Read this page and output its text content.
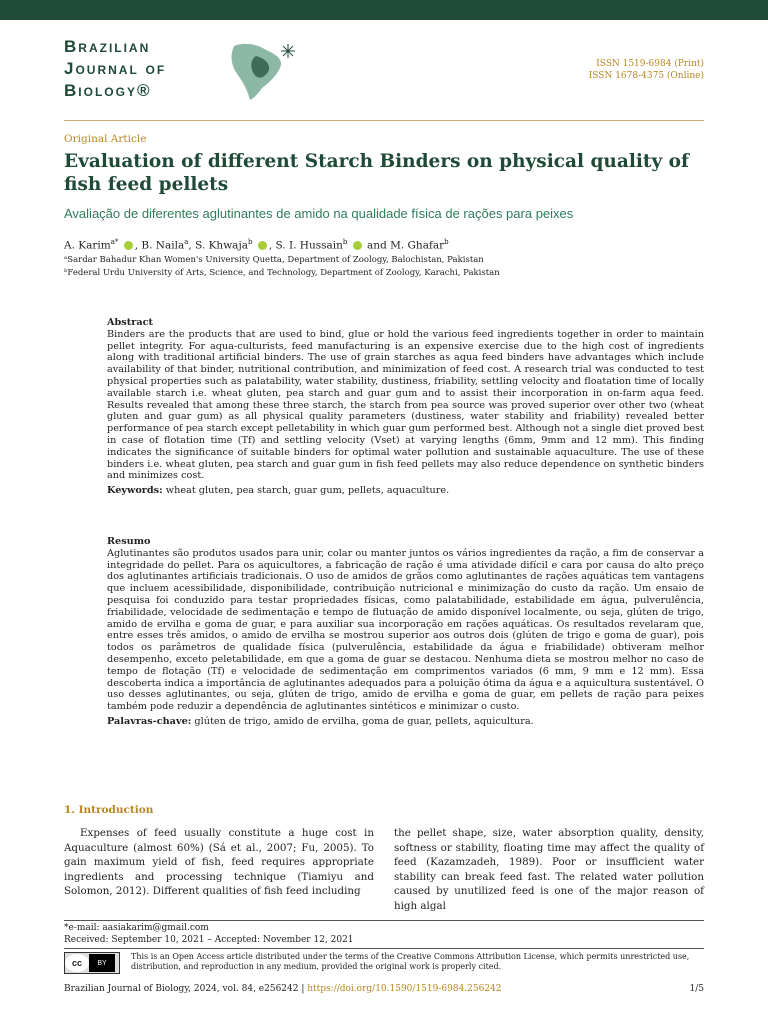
Brazilian
Journal of
Biology®
ISSN 1519-6984 (Print)
ISSN 1678-4375 (Online)
Original Article
Evaluation of different Starch Binders on physical quality of fish feed pellets
Avaliação de diferentes aglutinantes de amido na qualidade física de rações para peixes
A. Karim$^{a*}$ , B. Naila$^a$, S. Khwaja$^b$ , S. I. Hussain$^b$  and M. Ghafar$^b$
ᵃSardar Bahadur Khan Women's University Quetta, Department of Zoology, Balochistan, Pakistan
ᵇFederal Urdu University of Arts, Science, and Technology, Department of Zoology, Karachi, Pakistan
Abstract
Binders are the products that are used to bind, glue or hold the various feed ingredients together in order to maintain pellet integrity. For aqua-culturists, feed manufacturing is an expensive exercise due to the high cost of ingredients along with traditional artificial binders. The use of grain starches as aqua feed binders have advantages which include availability of that binder, nutritional contribution, and minimization of feed cost. A research trial was conducted to test physical properties such as palatability, water stability, dustiness, friability, settling velocity and floatation time of locally available starch i.e. wheat gluten, pea starch and guar gum and to assist their incorporation in on-farm aqua feed. Results revealed that among these three starch, the starch from pea source was proved superior over other two (wheat gluten and guar gum) as all physical quality parameters (dustiness, water stability and friability) revealed better performance of pea starch except pelletability in which guar gum performed best. Although not a single diet proved best in case of flotation time (Tf) and settling velocity (Vset) at varying lengths (6mm, 9mm and 12 mm). This finding indicates the significance of suitable binders for optimal water pollution and sustainable aquaculture. The use of these binders i.e. wheat gluten, pea starch and guar gum in fish feed pellets may also reduce dependence on synthetic binders and minimizes cost.
Keywords: wheat gluten, pea starch, guar gum, pellets, aquaculture.
Resumo
Aglutinantes são produtos usados para unir, colar ou manter juntos os vários ingredientes da ração, a fim de conservar a integridade do pellet. Para os aquicultores, a fabricação de ração é uma atividade difícil e cara por causa do alto preço dos aglutinantes artificiais tradicionais. O uso de amidos de grãos como aglutinantes de rações aquáticas tem vantagens que incluem acessibilidade, disponibilidade, contribuição nutricional e minimização do custo da ração. Um ensaio de pesquisa foi conduzido para testar propriedades físicas, como palatabilidade, estabilidade em água, pulverulência, friabilidade, velocidade de sedimentação e tempo de flutuação de amido disponível localmente, ou seja, glúten de trigo, amido de ervilha e goma de guar, e para auxiliar sua incorporação em rações aquáticas. Os resultados revelaram que, entre esses três amidos, o amido de ervilha se mostrou superior aos outros dois (glúten de trigo e goma de guar), pois todos os parâmetros de qualidade física (pulverulência, estabilidade da água e friabilidade) obtiveram melhor desempenho, exceto peletabilidade, em que a goma de guar se destacou. Nenhuma dieta se mostrou melhor no caso de tempo de flotação (Tf) e velocidade de sedimentação em comprimentos variados (6 mm, 9 mm e 12 mm). Essa descoberta indica a importância de aglutinantes adequados para a poluição ótima da água e a aquicultura sustentável. O uso desses aglutinantes, ou seja, glúten de trigo, amido de ervilha e goma de guar, em pellets de ração para peixes também pode reduzir a dependência de aglutinantes sintéticos e minimizar o custo.
Palavras-chave: glúten de trigo, amido de ervilha, goma de guar, pellets, aquicultura.
1. Introduction
Expenses of feed usually constitute a huge cost in Aquaculture (almost 60%) (Sá et al., 2007; Fu, 2005). To gain maximum yield of fish, feed requires appropriate ingredients and processing technique (Tiamiyu and Solomon, 2012). Different qualities of fish feed including
the pellet shape, size, water absorption quality, density, softness or stability, floating time may affect the quality of feed (Kazamzadeh, 1989). Poor or insufficient water stability can break feed fast. The related water pollution caused by unutilized feed is one of the major reason of high algal
*e-mail: aasiakarim@gmail.com
Received: September 10, 2021 – Accepted: November 12, 2021
cc	BY
This is an Open Access article distributed under the terms of the Creative Commons Attribution License, which permits unrestricted use, distribution, and reproduction in any medium, provided the original work is properly cited.
Brazilian Journal of Biology, 2024, vol. 84, e256242 | https://doi.org/10.1590/1519-6984.256242	1/5
